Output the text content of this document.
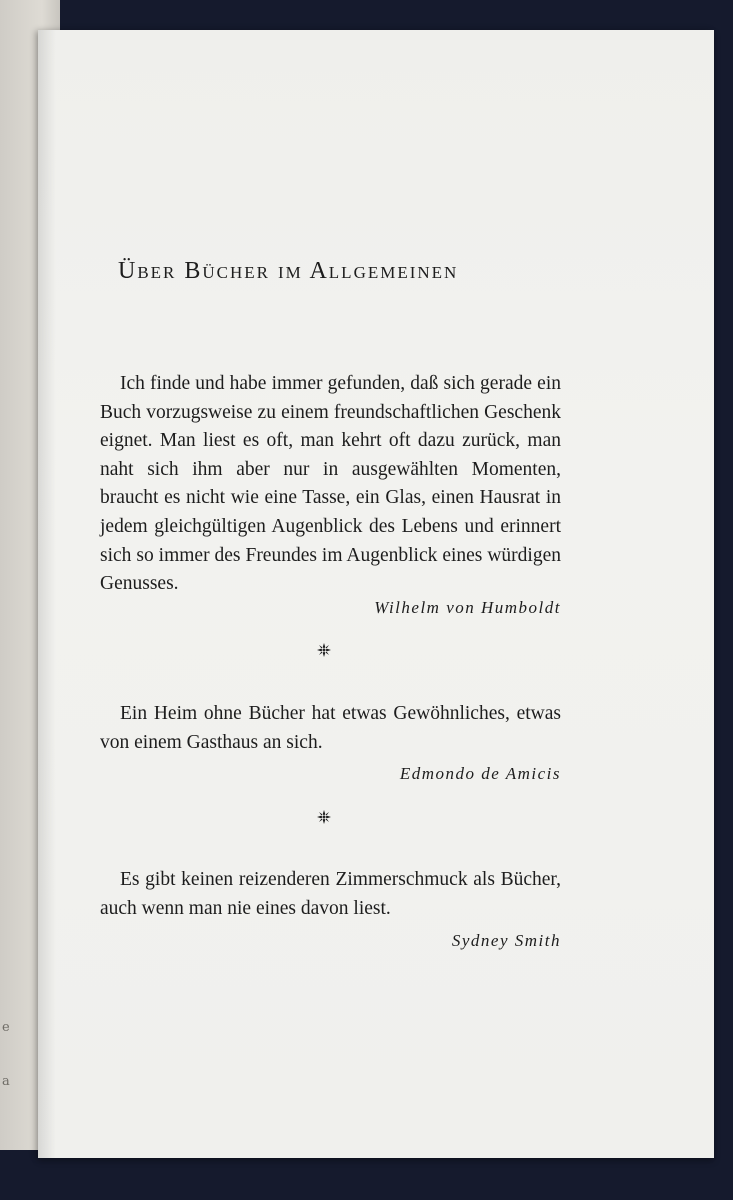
e
a
Über Bücher im Allgemeinen
Ich finde und habe immer gefunden, daß sich gerade ein Buch vorzugsweise zu einem freundschaftlichen Geschenk eignet. Man liest es oft, man kehrt oft dazu zurück, man naht sich ihm aber nur in ausgewählten Momenten, braucht es nicht wie eine Tasse, ein Glas, einen Hausrat in jedem gleichgültigen Augenblick des Lebens und erinnert sich so immer des Freundes im Augenblick eines würdigen Genusses.
Wilhelm von Humboldt
Ein Heim ohne Bücher hat etwas Gewöhnliches, etwas von einem Gasthaus an sich.
Edmondo de Amicis
Es gibt keinen reizenderen Zimmerschmuck als Bücher, auch wenn man nie eines davon liest.
Sydney Smith
